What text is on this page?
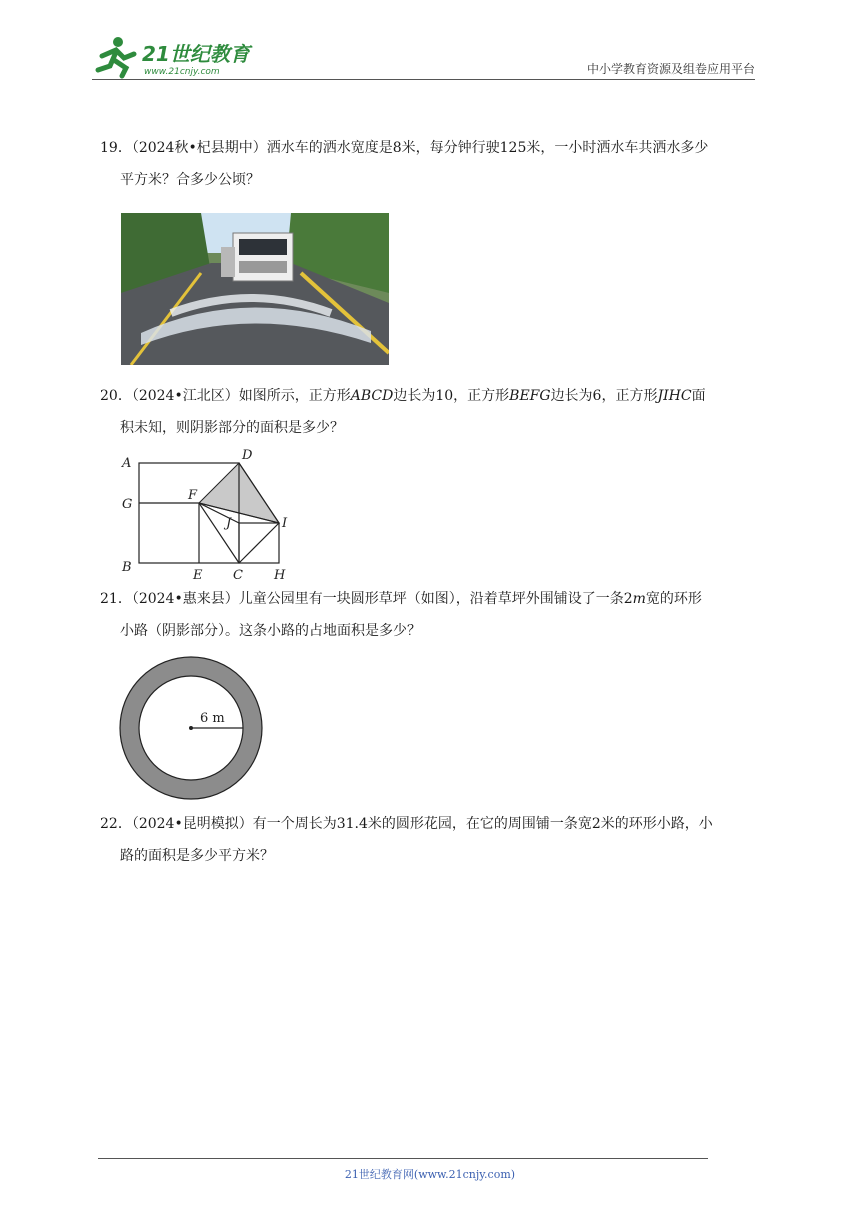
21世纪教育
www.21cnjy.com	中小学教育资源及组卷应用平台
19．（2024秋•杞县期中）洒水车的洒水宽度是8米，每分钟行驶125米，一小时洒水车共洒水多少
平方米？合多少公顷？
20．（2024•江北区）如图所示，正方形ABCD边长为10，正方形BEFG边长为6，正方形JIHC面
积未知，则阴影部分的面积是多少？
A
D
G
F
J	I
B
E C H
21．（2024•惠来县）儿童公园里有一块圆形草坪（如图），沿着草坪外围铺设了一条2m宽的环形
小路（阴影部分）。这条小路的占地面积是多少？
6 m
22．（2024•昆明模拟）有一个周长为31.4米的圆形花园，在它的周围铺一条宽2米的环形小路，小
路的面积是多少平方米？
21世纪教育网(www.21cnjy.com)
